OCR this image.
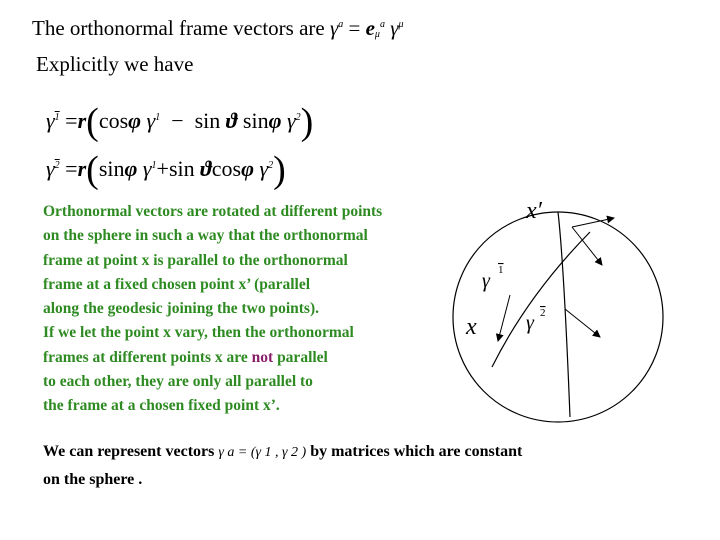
The orthonormal frame vectors are $\gamma^a = e_\mu^a$ $\gamma^\mu$
Explicitly we have
$\gamma^1 =r(\cos\varphi$ $\gamma^1 - \sin ϑ$ sinφ $\gamma^2$)
$\gamma^2 =r(\sin\varphi$ $\gamma^1+\sin$ ϑcosφ $\gamma^2$)
Orthonormal vectors are rotated at different points
on the sphere in such a way that the orthonormal
frame at point x is parallel to the orthonormal
frame at a fixed chosen point x’ (parallel
along the geodesic joining the two points).
If we let the point x vary, then the orthonormal
frames at different points x are not parallel
to each other, they are only all parallel to
the frame at a chosen fixed point x’.
We can represent vectors γ a = (γ 1 , γ 2 ) by matrices which are constant
on the sphere .
x′
x
γ 1
γ 2
